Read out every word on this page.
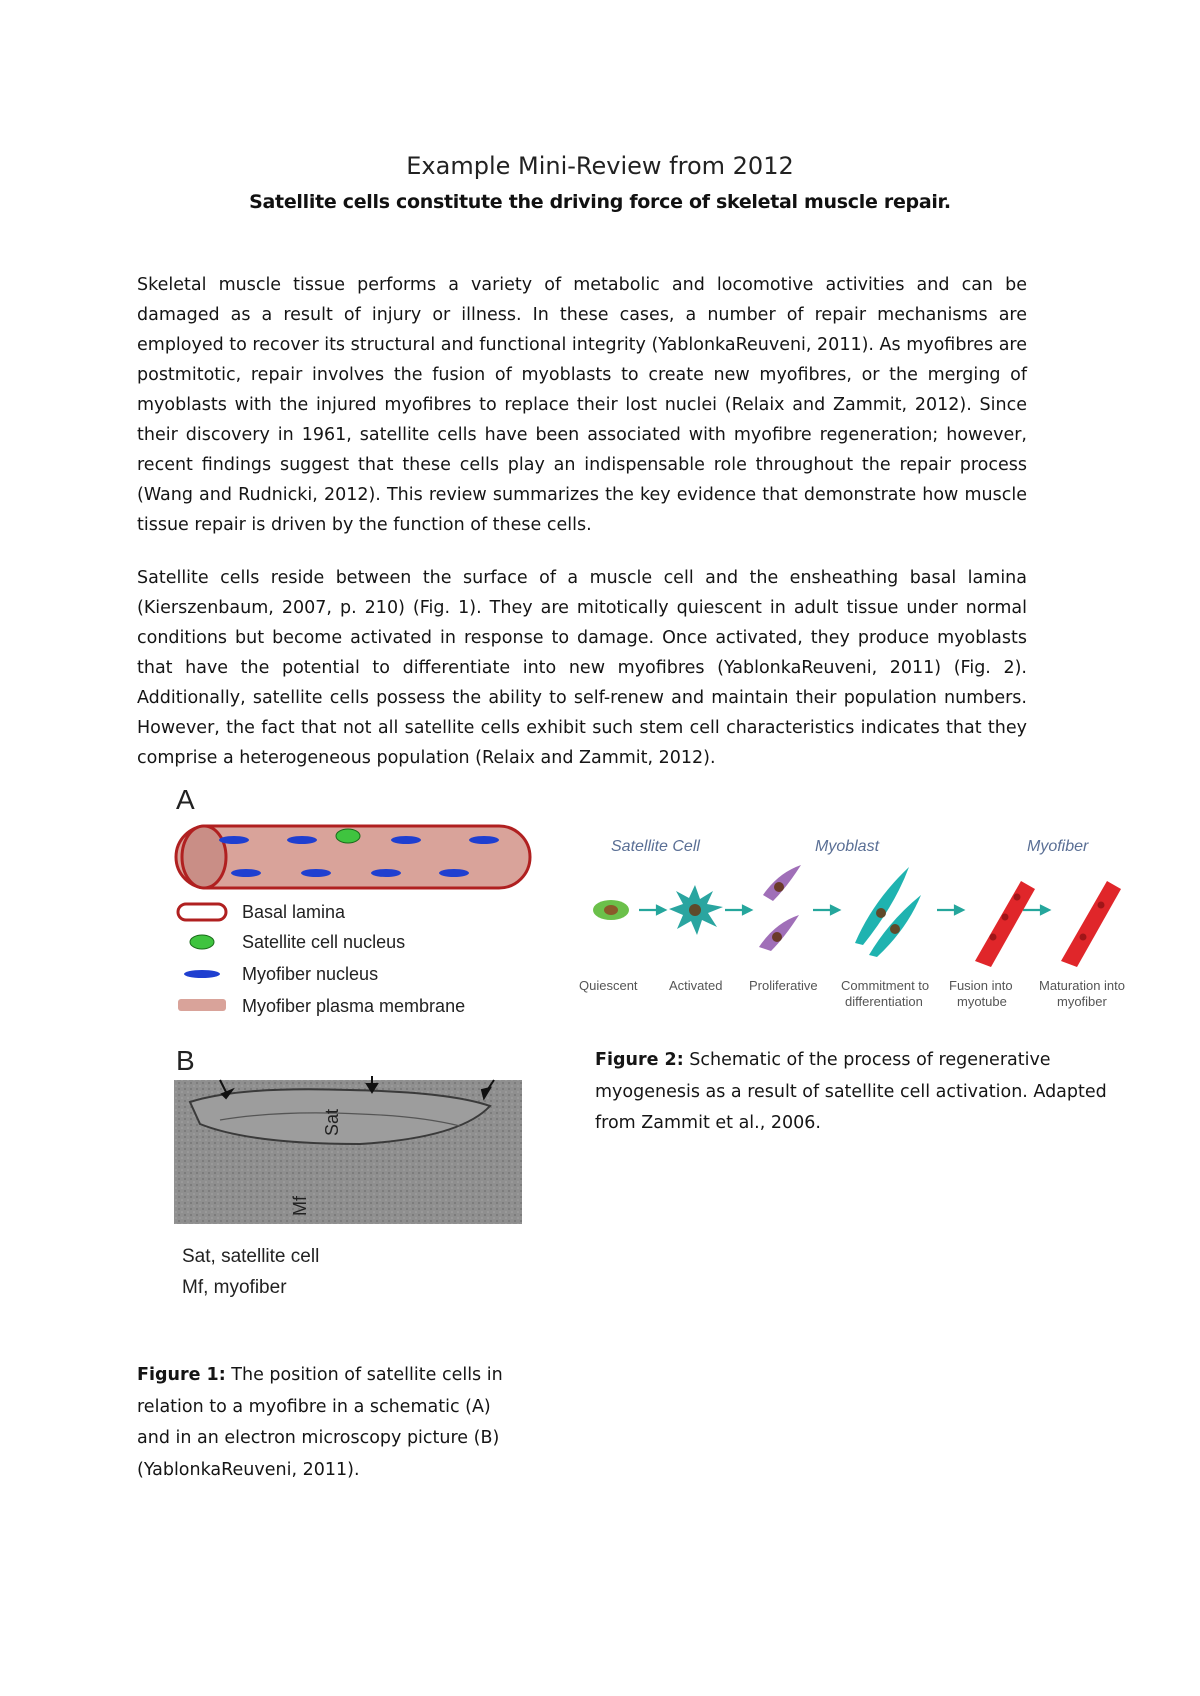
Example Mini-Review from 2012
Satellite cells constitute the driving force of skeletal muscle repair.

Skeletal muscle tissue performs a variety of metabolic and locomotive activities and can be damaged as a result of injury or illness. In these cases, a number of repair mechanisms are employed to recover its structural and functional integrity (YablonkaReuveni, 2011). As myofibres are postmitotic, repair involves the fusion of myoblasts to create new myofibres, or the merging of myoblasts with the injured myofibres to replace their lost nuclei (Relaix and Zammit, 2012). Since their discovery in 1961, satellite cells have been associated with myofibre regeneration; however, recent findings suggest that these cells play an indispensable role throughout the repair process (Wang and Rudnicki, 2012). This review summarizes the key evidence that demonstrate how muscle tissue repair is driven by the function of these cells.

Satellite cells reside between the surface of a muscle cell and the ensheathing basal lamina (Kierszenbaum, 2007, p. 210) (Fig. 1). They are mitotically quiescent in adult tissue under normal conditions but become activated in response to damage. Once activated, they produce myoblasts that have the potential to differentiate into new myofibres (YablonkaReuveni, 2011) (Fig. 2). Additionally, satellite cells possess the ability to self-renew and maintain their population numbers. However, the fact that not all satellite cells exhibit such stem cell characteristics indicates that they comprise a heterogeneous population (Relaix and Zammit, 2012).

A
Basal lamina
Satellite cell nucleus
Myofiber nucleus
Myofiber plasma membrane
B
Sat
Mf
Sat, satellite cell
Mf, myofiber

Figure 1: The position of satellite cells in relation to a myofibre in a schematic (A) and in an electron microscopy picture (B) (YablonkaReuveni, 2011).

Satellite Cell	Myoblast	Myofiber
Quiescent Activated Proliferative Commitment to
differentiation
Fusion into
myotube
Maturation into
myofiber

Figure 2: Schematic of the process of regenerative myogenesis as a result of satellite cell activation. Adapted from Zammit et al., 2006.
